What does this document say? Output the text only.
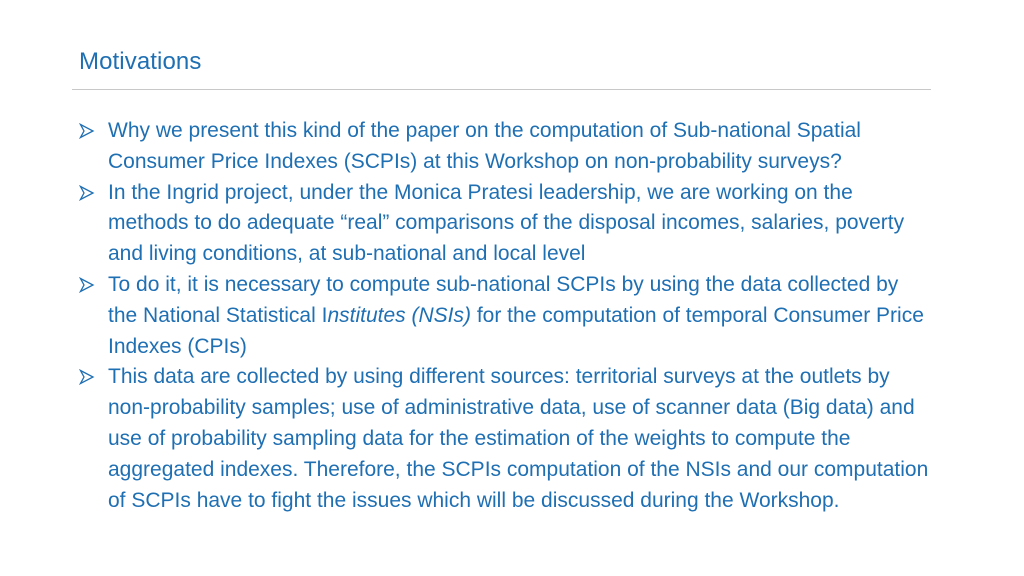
Motivations
Why we present this kind of the paper on the computation of Sub-national Spatial Consumer Price Indexes (SCPIs) at this Workshop on non-probability surveys?
In the Ingrid project, under the Monica Pratesi leadership, we are working on the methods to do adequate “real” comparisons of the disposal incomes, salaries, poverty and living conditions, at sub-national and local level
To do it, it is necessary to compute sub-national SCPIs by using the data collected by the National Statistical Institutes (NSIs) for the computation of temporal Consumer Price Indexes (CPIs)
This data are collected by using different sources: territorial surveys at the outlets by non-probability samples; use of administrative data, use of scanner data (Big data) and use of probability sampling data for the estimation of the weights to compute the aggregated indexes. Therefore, the SCPIs computation of the NSIs and our computation of SCPIs have to fight the issues which will be discussed during the Workshop.
